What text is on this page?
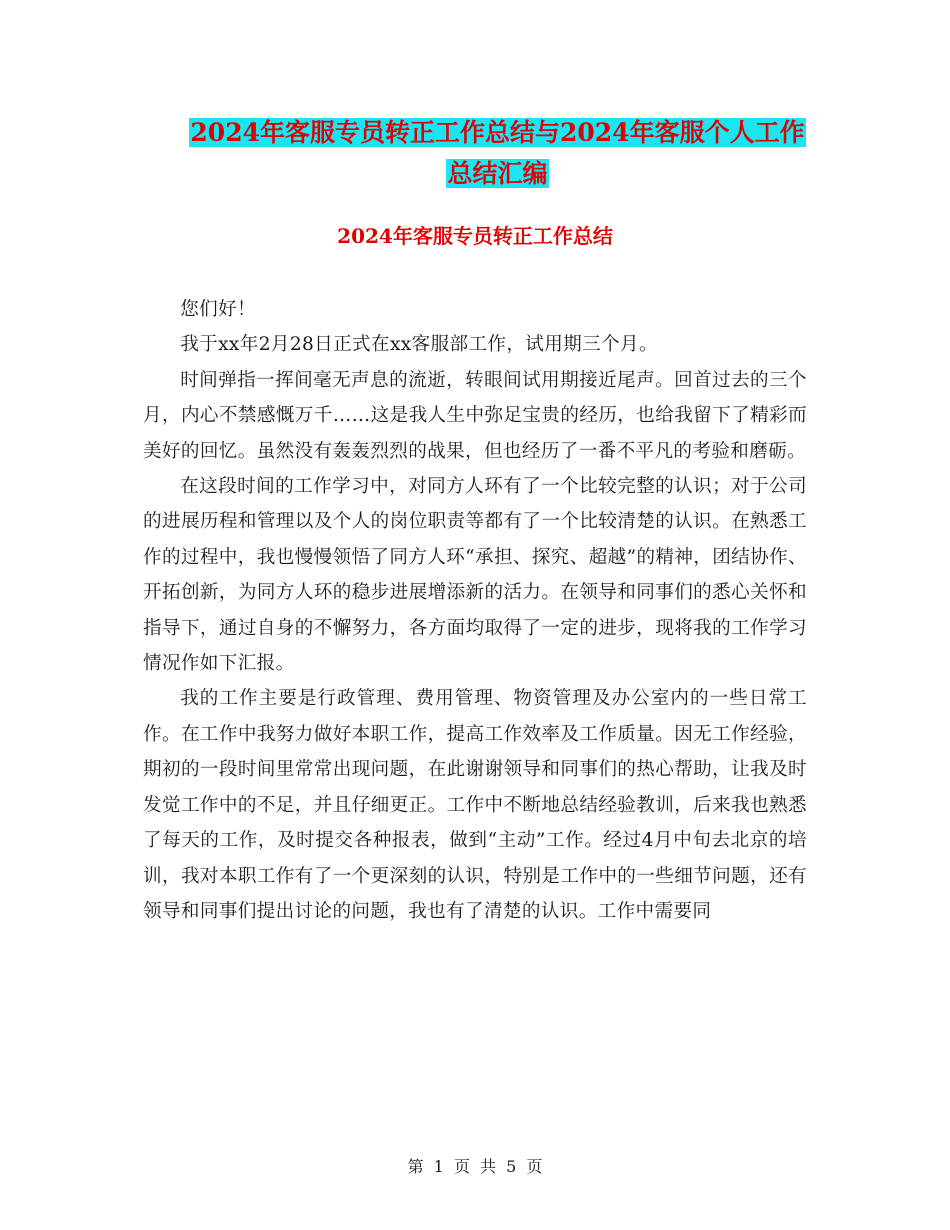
2024年客服专员转正工作总结与2024年客服个人工作
总结汇编
2024年客服专员转正工作总结

您们好！

我于xx年2月28日正式在xx客服部工作，试用期三个月。

时间弹指一挥间毫无声息的流逝，转眼间试用期接近尾声。回首过去的三个月，内心不禁感慨万千……这是我人生中弥足宝贵的经历，也给我留下了精彩而美好的回忆。虽然没有轰轰烈烈的战果，但也经历了一番不平凡的考验和磨砺。

在这段时间的工作学习中，对同方人环有了一个比较完整的认识；对于公司的进展历程和管理以及个人的岗位职责等都有了一个比较清楚的认识。在熟悉工作的过程中，我也慢慢领悟了同方人环“承担、探究、超越”的精神，团结协作、开拓创新，为同方人环的稳步进展增添新的活力。在领导和同事们的悉心关怀和指导下，通过自身的不懈努力，各方面均取得了一定的进步，现将我的工作学习情况作如下汇报。

我的工作主要是行政管理、费用管理、物资管理及办公室内的一些日常工作。在工作中我努力做好本职工作，提高工作效率及工作质量。因无工作经验，期初的一段时间里常常出现问题，在此谢谢领导和同事们的热心帮助，让我及时发觉工作中的不足，并且仔细更正。工作中不断地总结经验教训，后来我也熟悉了每天的工作，及时提交各种报表，做到“主动”工作。经过4月中旬去北京的培训，我对本职工作有了一个更深刻的认识，特别是工作中的一些细节问题，还有领导和同事们提出讨论的问题，我也有了清楚的认识。工作中需要同

第 1 页 共 5 页
